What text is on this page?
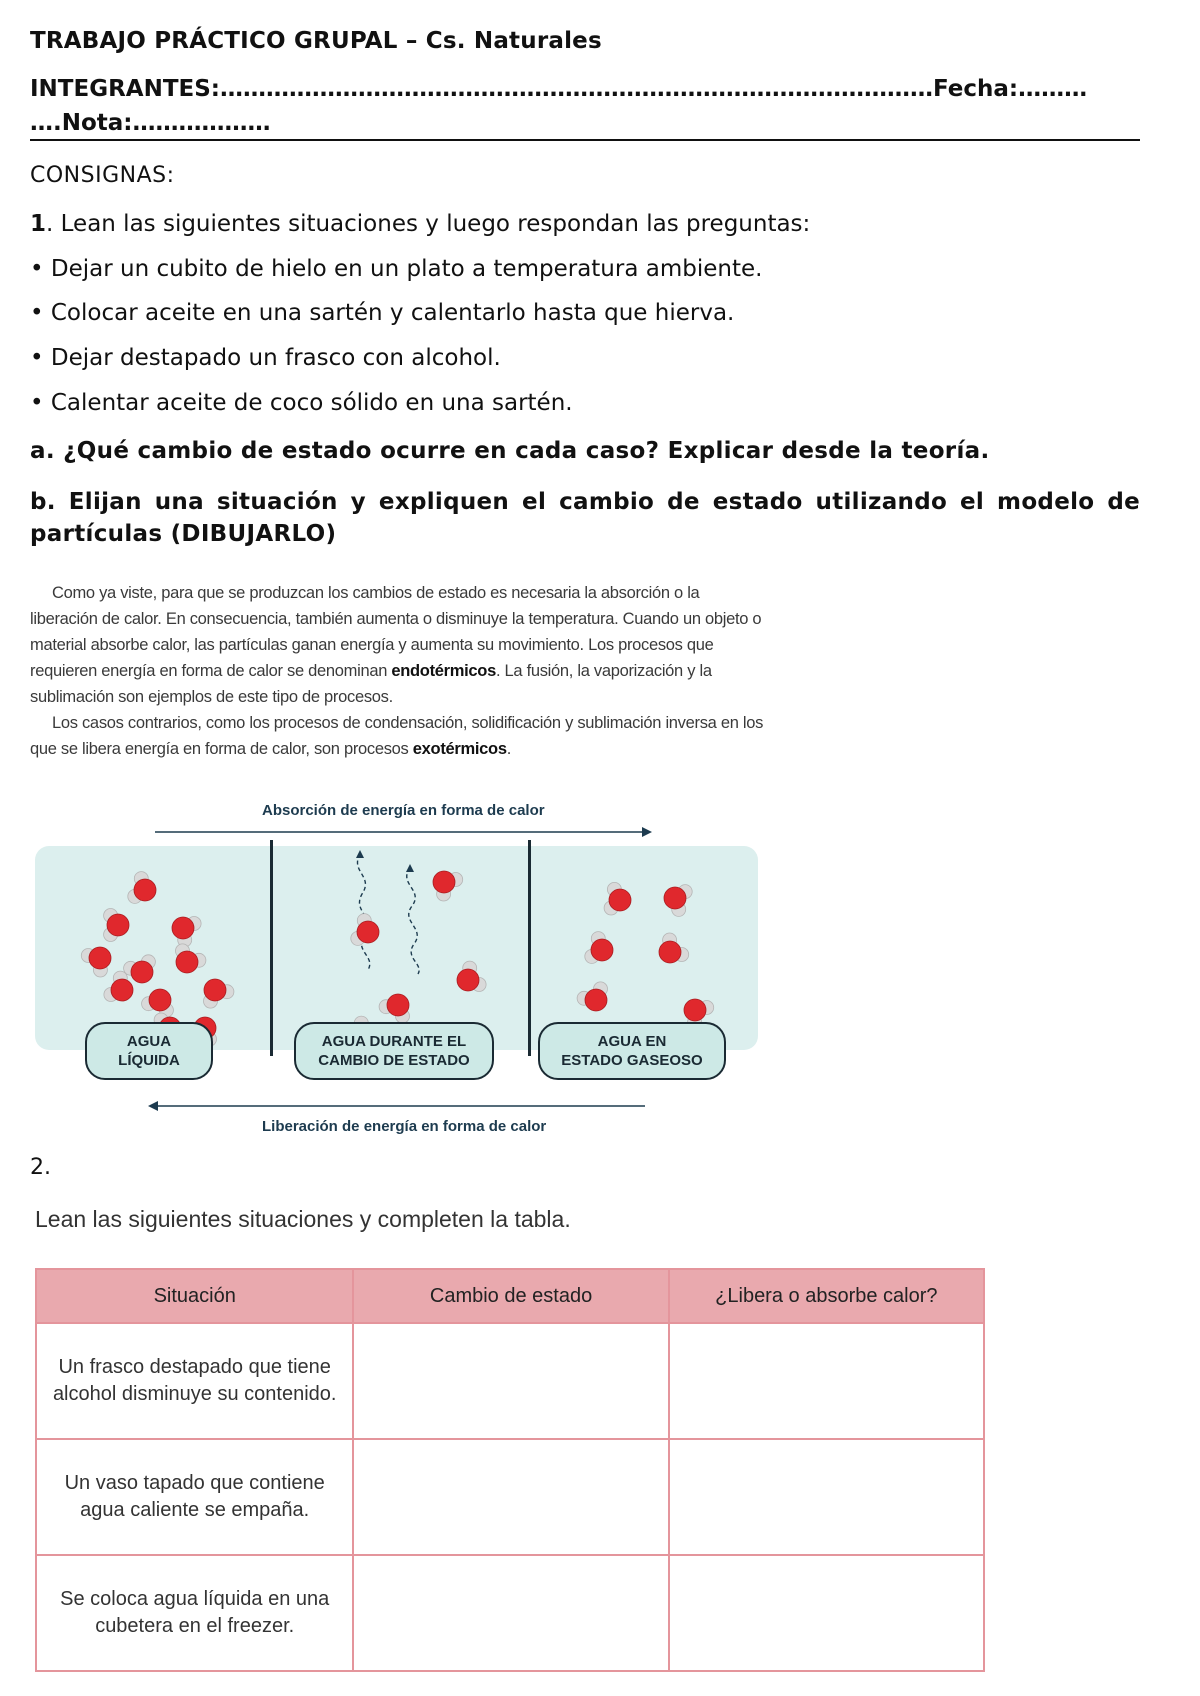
TRABAJO PRÁCTICO GRUPAL – Cs. Naturales
INTEGRANTES:…………………………………………………………………………………Fecha:………
….Nota:………………
CONSIGNAS:
1. Lean las siguientes situaciones y luego respondan las preguntas:
• Dejar un cubito de hielo en un plato a temperatura ambiente.
• Colocar aceite en una sartén y calentarlo hasta que hierva.
• Dejar destapado un frasco con alcohol.
• Calentar aceite de coco sólido en una sartén.
a. ¿Qué cambio de estado ocurre en cada caso? Explicar desde la teoría.
b. Elijan una situación y expliquen el cambio de estado utilizando el modelo de partículas (DIBUJARLO)

Como ya viste, para que se produzcan los cambios de estado es necesaria la absorción o la liberación de calor. En consecuencia, también aumenta o disminuye la temperatura. Cuando un objeto o material absorbe calor, las partículas ganan energía y aumenta su movimiento. Los procesos que requieren energía en forma de calor se denominan endotérmicos. La fusión, la vaporización y la sublimación son ejemplos de este tipo de procesos.

Los casos contrarios, como los procesos de condensación, solidificación y sublimación inversa en los que se libera energía en forma de calor, son procesos exotérmicos.

Absorción de energía en forma de calor
AGUA
LÍQUIDA
AGUA DURANTE EL
CAMBIO DE ESTADO
AGUA EN
ESTADO GASEOSO
Liberación de energía en forma de calor
2.
Lean las siguientes situaciones y completen la tabla.
Situación	Cambio de estado	¿Libera o absorbe calor?
Un frasco destapado que tiene alcohol disminuye su contenido.		
Un vaso tapado que contiene agua caliente se empaña.		
Se coloca agua líquida en una cubetera en el freezer.		
